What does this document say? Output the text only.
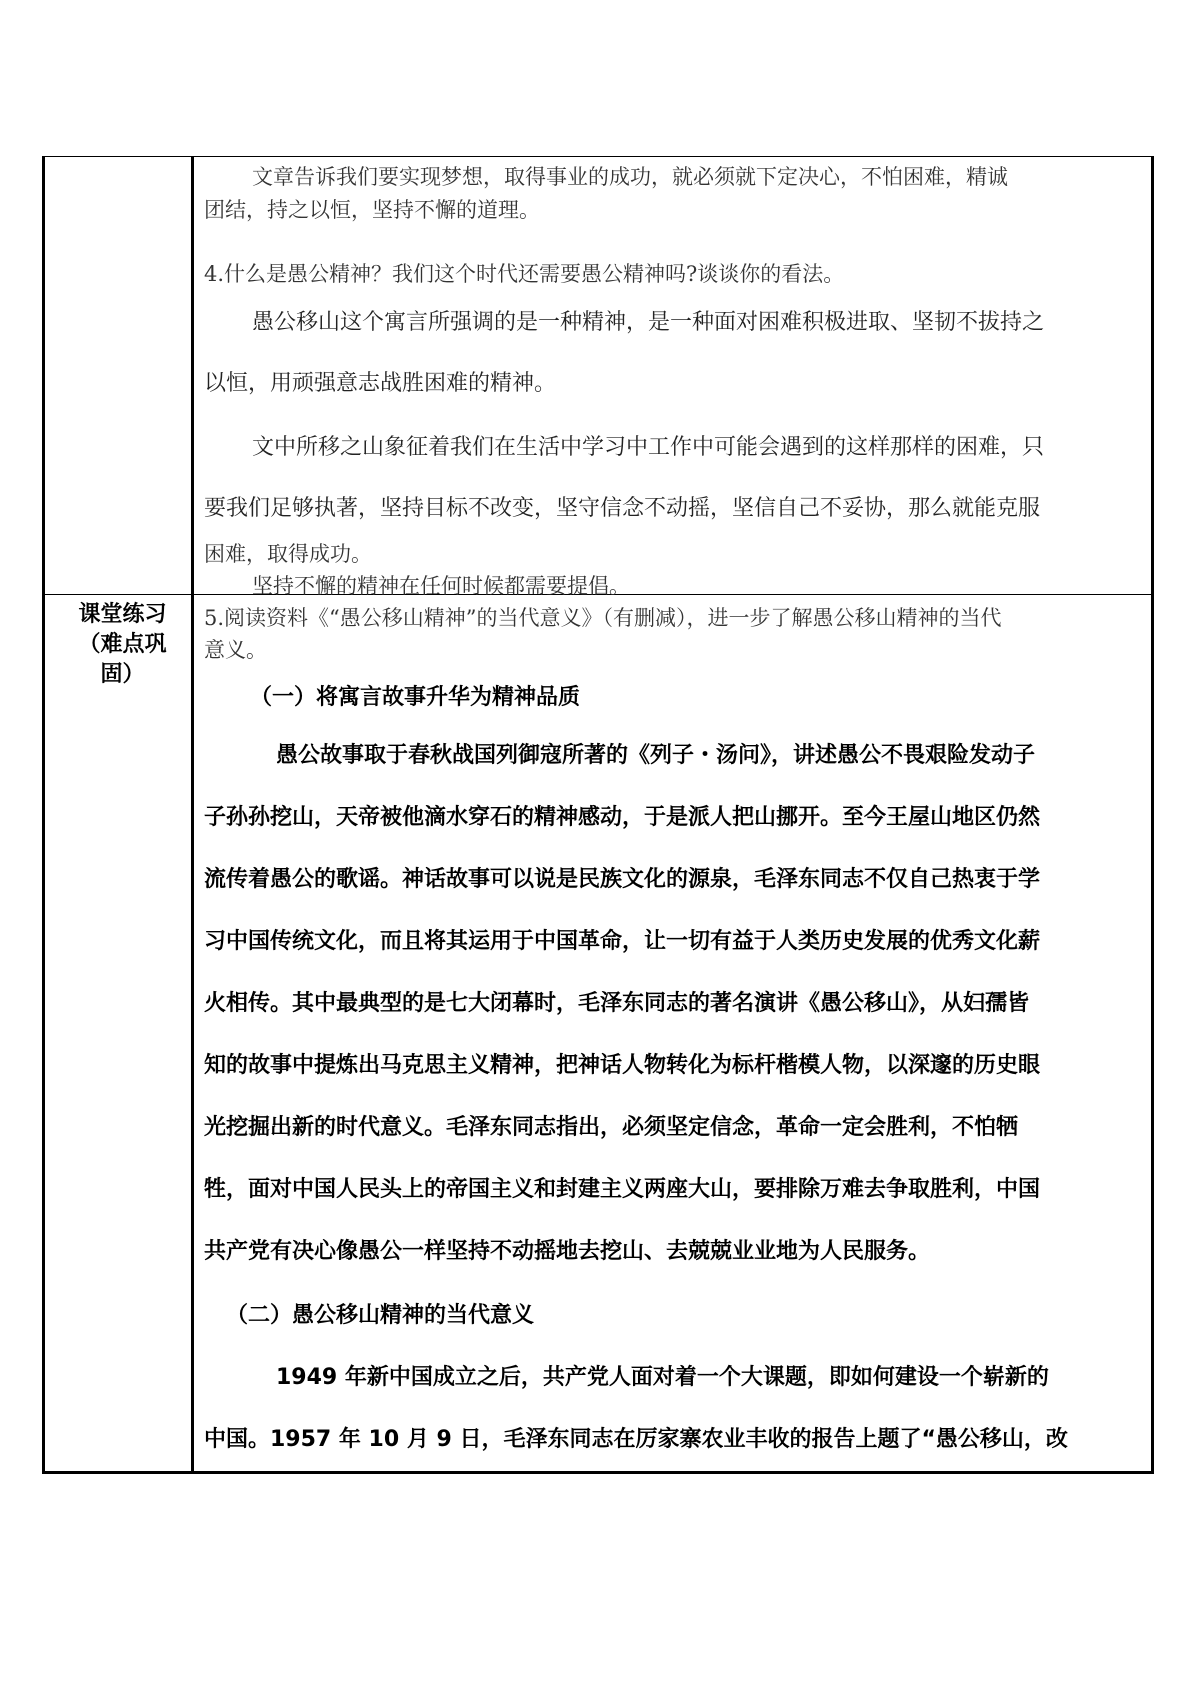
文章告诉我们要实现梦想，取得事业的成功，就必须就下定决心，不怕困难，精诚

团结，持之以恒，坚持不懈的道理。

4.什么是愚公精神？我们这个时代还需要愚公精神吗?谈谈你的看法。

愚公移山这个寓言所强调的是一种精神，是一种面对困难积极进取、坚韧不拔持之

以恒，用顽强意志战胜困难的精神。

文中所移之山象征着我们在生活中学习中工作中可能会遇到的这样那样的困难，只

要我们足够执著，坚持目标不改变，坚守信念不动摇，坚信自己不妥协，那么就能克服

困难，取得成功。

坚持不懈的精神在任何时候都需要提倡。

课堂练习
（难点巩
固）

5.阅读资料《“愚公移山精神”的当代意义》（有删减），进一步了解愚公移山精神的当代

意义。

（一）将寓言故事升华为精神品质

愚公故事取于春秋战国列御寇所著的《列子・汤问》，讲述愚公不畏艰险发动子

子孙孙挖山，天帝被他滴水穿石的精神感动，于是派人把山挪开。至今王屋山地区仍然

流传着愚公的歌谣。神话故事可以说是民族文化的源泉，毛泽东同志不仅自己热衷于学

习中国传统文化，而且将其运用于中国革命，让一切有益于人类历史发展的优秀文化薪

火相传。其中最典型的是七大闭幕时，毛泽东同志的著名演讲《愚公移山》，从妇孺皆

知的故事中提炼出马克思主义精神，把神话人物转化为标杆楷模人物，以深邃的历史眼

光挖掘出新的时代意义。毛泽东同志指出，必须坚定信念，革命一定会胜利，不怕牺

牲，面对中国人民头上的帝国主义和封建主义两座大山，要排除万难去争取胜利，中国

共产党有决心像愚公一样坚持不动摇地去挖山、去兢兢业业地为人民服务。

（二）愚公移山精神的当代意义

1949 年新中国成立之后，共产党人面对着一个大课题，即如何建设一个崭新的

中国。1957 年 10 月 9 日，毛泽东同志在厉家寨农业丰收的报告上题了“愚公移山，改
